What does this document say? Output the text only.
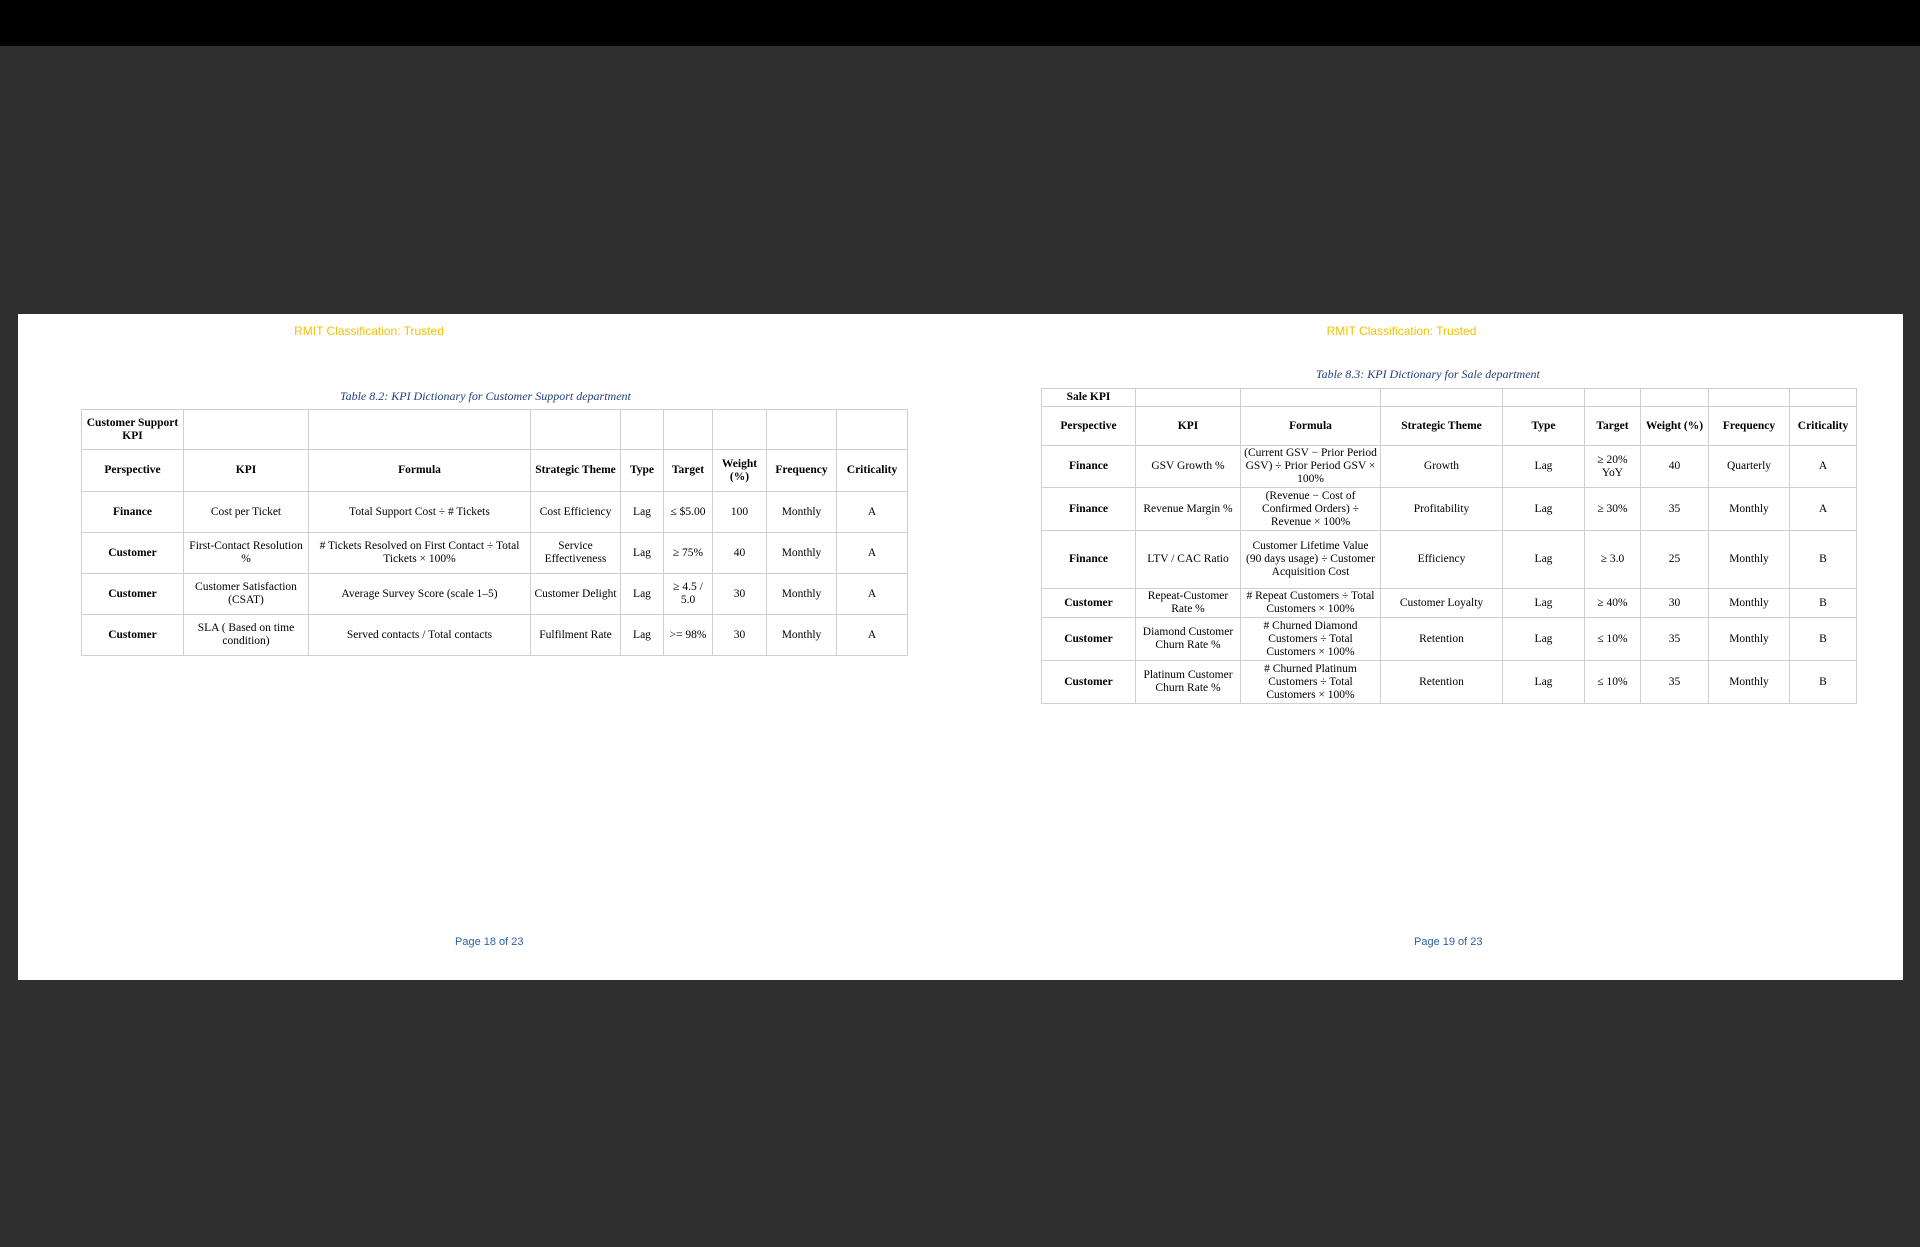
RMIT Classification: Trusted
Table 8.2: KPI Dictionary for Customer Support department
Customer Support KPI								
Perspective	KPI	Formula	Strategic Theme	Type	Target	Weight (%)	Frequency	Criticality
Finance	Cost per Ticket	Total Support Cost ÷ # Tickets	Cost Efficiency	Lag	≤ $5.00	100	Monthly	A
Customer	First-Contact Resolution %	# Tickets Resolved on First Contact ÷ Total Tickets × 100%	Service Effectiveness	Lag	≥ 75%	40	Monthly	A
Customer	Customer Satisfaction (CSAT)	Average Survey Score (scale 1–5)	Customer Delight	Lag	≥ 4.5 / 5.0	30	Monthly	A
Customer	SLA ( Based on time condition)	Served contacts / Total contacts	Fulfilment Rate	Lag	>= 98%	30	Monthly	A
Page 18 of 23
RMIT Classification: Trusted
Table 8.3: KPI Dictionary for Sale department
Sale KPI								
Perspective	KPI	Formula	Strategic Theme	Type	Target	Weight (%)	Frequency	Criticality
Finance	GSV Growth %	(Current GSV − Prior Period GSV) ÷ Prior Period GSV × 100%	Growth	Lag	≥ 20% YoY	40	Quarterly	A
Finance	Revenue Margin %	(Revenue − Cost of Confirmed Orders) ÷ Revenue × 100%	Profitability	Lag	≥ 30%	35	Monthly	A
Finance	LTV / CAC Ratio	Customer Lifetime Value (90 days usage) ÷ Customer Acquisition Cost	Efficiency	Lag	≥ 3.0	25	Monthly	B
Customer	Repeat-Customer Rate %	# Repeat Customers ÷ Total Customers × 100%	Customer Loyalty	Lag	≥ 40%	30	Monthly	B
Customer	Diamond Customer Churn Rate %	# Churned Diamond Customers ÷ Total Customers × 100%	Retention	Lag	≤ 10%	35	Monthly	B
Customer	Platinum Customer Churn Rate %	# Churned Platinum Customers ÷ Total Customers × 100%	Retention	Lag	≤ 10%	35	Monthly	B
Page 19 of 23
